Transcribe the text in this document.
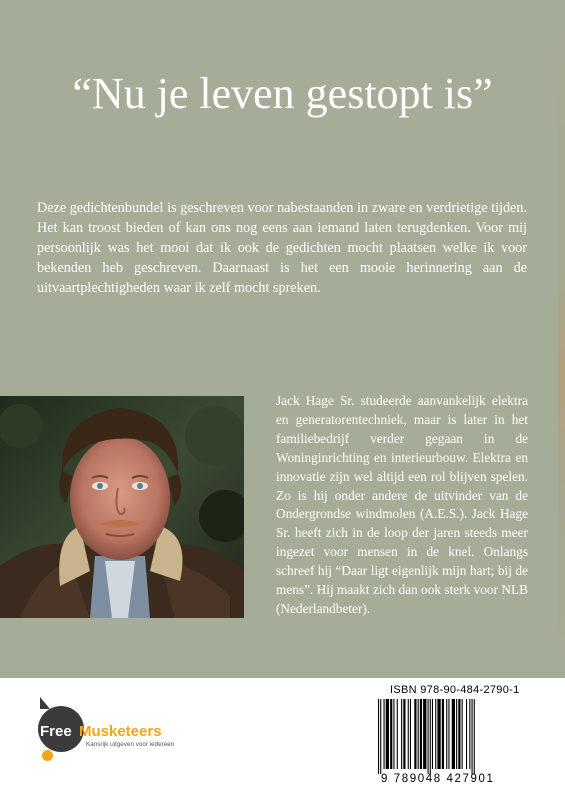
“Nu je leven gestopt is”
Deze gedichtenbundel is geschreven voor nabestaanden in zware en verdrietige tijden. Het kan troost bieden of kan ons nog eens aan iemand laten terugdenken. Voor mij persoonlijk was het mooi dat ik ook de gedichten mocht plaatsen welke ik voor bekenden heb geschreven. Daarnaast is het een mooie herinnering aan de uitvaartplechtigheden waar ik zelf mocht spreken.
Jack Hage Sr. studeerde aanvankelijk elektra en generatorentechniek, maar is later in het familiebedrijf verder gegaan in de Woninginrichting en interieurbouw. Elektra en innovatie zijn wel altijd een rol blijven spelen. Zo is hij onder andere de uitvinder van de Ondergrondse windmolen (A.E.S.). Jack Hage Sr. heeft zich in de loop der jaren steeds meer ingezet voor mensen in de knel. Onlangs schreef hij “Daar ligt eigenlijk mijn hart; bij de mens”. Hij maakt zich dan ook sterk voor NLB (Nederlandbeter).
Free Musketeers
Kansrijk uitgeven voor iedereen
ISBN 978-90-484-2790-1
9 789048 427901
